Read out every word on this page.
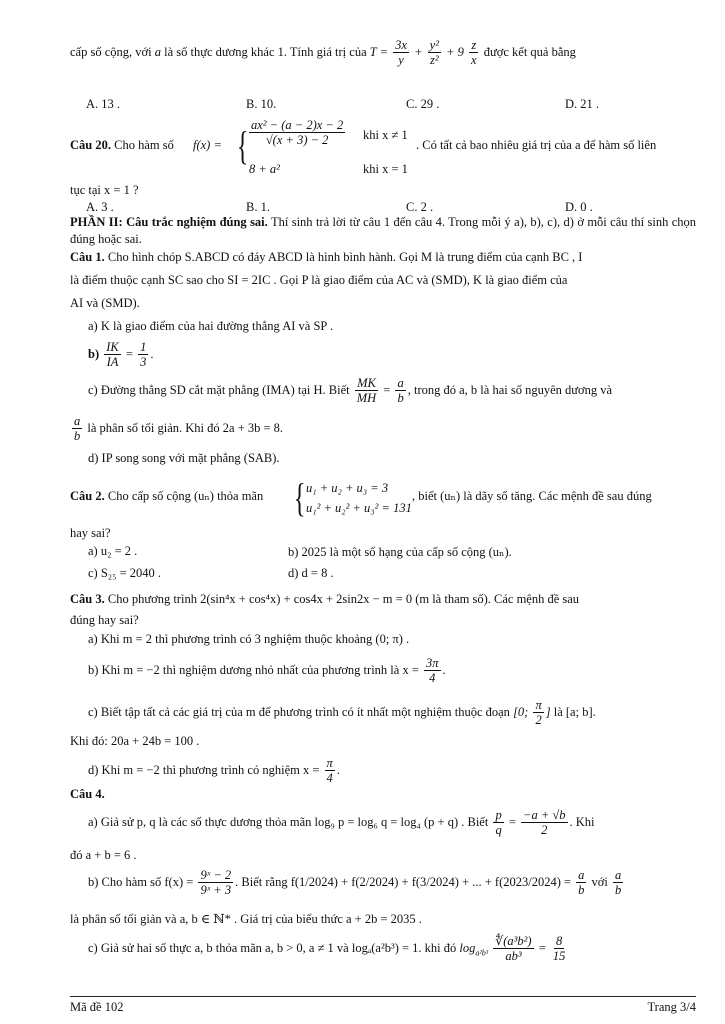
cấp số cộng, với a là số thực dương khác 1. Tính giá trị của $T = \frac{3x}{y} + \frac{\text{y²}}{\text{z²}} + 9 \frac{z}{x}$ được kết quả bằng
A. 13 .	B. 10.	C. 29 .	D. 21 .
Câu 20. Cho hàm số f(x) = { $\frac{\text{ax² − (a − 2)x − 2}}{√(x + 3) - 2}$ khi x ≠ 1
8 + a²	khi x = 1
. Có tất cả bao nhiêu giá trị của a để hàm số liên
tục tại x = 1 ?
A. 3 .	B. 1.	C. 2 .	D. 0 .
PHẦN II: Câu trắc nghiệm đúng sai. Thí sinh trả lời từ câu 1 đến câu 4. Trong mỗi ý a), b), c), d) ở mỗi câu thí sinh chọn đúng hoặc sai.
Câu 1. Cho hình chóp S.ABCD có đáy ABCD là hình bình hành. Gọi M là trung điểm của cạnh BC , I
là điểm thuộc cạnh SC sao cho SI = 2IC . Gọi P là giao điểm của AC và (SMD), K là giao điểm của
AI và (SMD).
a) K là giao điểm của hai đường thẳng AI và SP .
$b) \frac{IK}{IA} = \frac{1}{3}$ .
c) Đường thẳng SD cắt mặt phẳng (IMA) tại H. Biết $\frac{MK}{MH} = \frac{a}{b}$ , trong đó a, b là hai số nguyên dương và
$\frac{a}{b}$ là phân số tối giản. Khi đó 2a + 3b = 8.
d) IP song song với mặt phẳng (SAB).
Câu 2. Cho cấp số cộng (uₙ) thỏa mãn { u₁ + u₂ + u₃ = 3
u₁² + u₂² + u₃² = 131
, biết (uₙ) là dãy số tăng. Các mệnh đề sau đúng
hay sai?
a) u₂ = 2 .	b) 2025 là một số hạng của cấp số cộng (uₙ).
c) S₂₅ = 2040 .	d) d = 8 .
Câu 3. Cho phương trình 2(sin⁴x + cos⁴x) + cos4x + 2sin2x − m = 0 (m là tham số). Các mệnh đề sau
đúng hay sai?
a) Khi m = 2 thì phương trình có 3 nghiệm thuộc khoảng (0; π) .
b) Khi m = −2 thì nghiệm dương nhỏ nhất của phương trình là $x = \frac{3\pi}{4}$ .
c) Biết tập tất cả các giá trị của m để phương trình có ít nhất một nghiệm thuộc đoạn [0; $\frac{\pi}{2}$ ] là [a; b].
Khi đó: 20a + 24b = 100 .
d) Khi m = −2 thì phương trình có nghiệm $x = \frac{\pi}{4}$ .
Câu 4.
a) Giả sử p, q là các số thực dương thỏa mãn log₉ p = log₆ q = log₄ (p + q) . Biết $\frac{p}{q} = \frac{-a + √b}{2}$ . Khi
đó a + b = 6 .
b) Cho hàm số $f(x) = \frac{\text{9ˣ − 2}}{\text{9ˣ + 3}}$ . Biết rằng f(1/2024) + f(2/2024) + f(3/2024) + ... + $f(2023/2024) = \frac{a}{b}$ với $\frac{a}{b}$
là phân số tối giản và a, b ∈ ℕ* . Giá trị của biểu thức a + 2b = 2035 .
c) Giả sử hai số thực a, b thỏa mãn a, b > 0, a ≠ 1 và logₐ(a²b³) = 1. khi đó $\log_{a^2b^3} \frac{\text{∜(a³b²)}}{\text{ab³}} = \frac{8}{15}$
Mã đề 102	Trang 3/4
